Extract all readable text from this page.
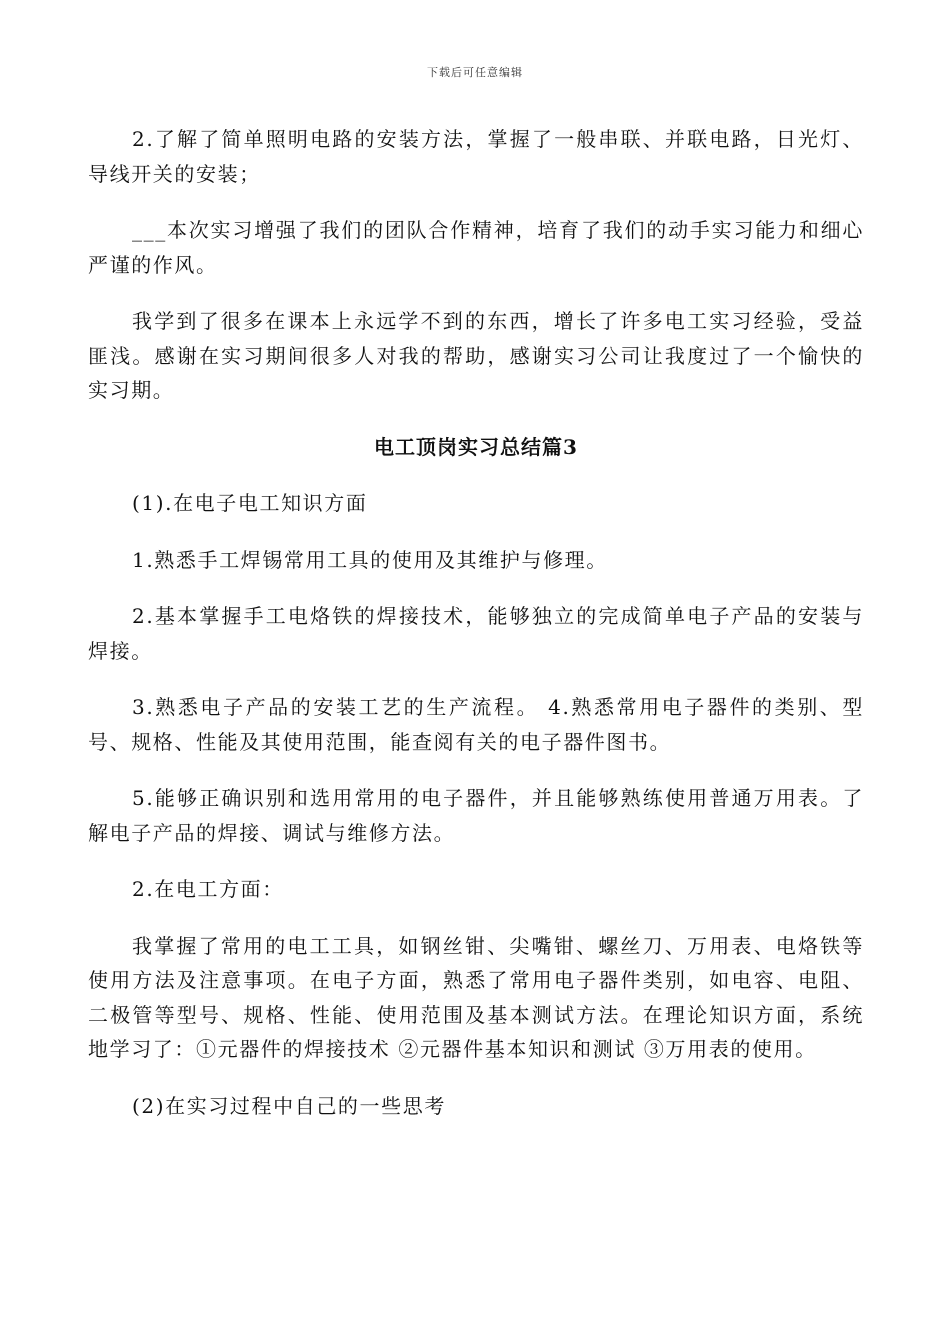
下载后可任意编辑

2.了解了简单照明电路的安装方法，掌握了一般串联、并联电路，日光灯、导线开关的安装；

___本次实习增强了我们的团队合作精神，培育了我们的动手实习能力和细心严谨的作风。

我学到了很多在课本上永远学不到的东西，增长了许多电工实习经验，受益匪浅。感谢在实习期间很多人对我的帮助，感谢实习公司让我度过了一个愉快的实习期。

电工顶岗实习总结篇3

(1).在电子电工知识方面

1.熟悉手工焊锡常用工具的使用及其维护与修理。

2.基本掌握手工电烙铁的焊接技术，能够独立的完成简单电子产品的安装与焊接。

3.熟悉电子产品的安装工艺的生产流程。 4.熟悉常用电子器件的类别、型号、规格、性能及其使用范围，能查阅有关的电子器件图书。

5.能够正确识别和选用常用的电子器件，并且能够熟练使用普通万用表。了解电子产品的焊接、调试与维修方法。

2.在电工方面：

我掌握了常用的电工工具，如钢丝钳、尖嘴钳、螺丝刀、万用表、电烙铁等使用方法及注意事项。在电子方面，熟悉了常用电子器件类别，如电容、电阻、二极管等型号、规格、性能、使用范围及基本测试方法。在理论知识方面，系统地学习了：①元器件的焊接技术 ②元器件基本知识和测试 ③万用表的使用。

(2)在实习过程中自己的一些思考
